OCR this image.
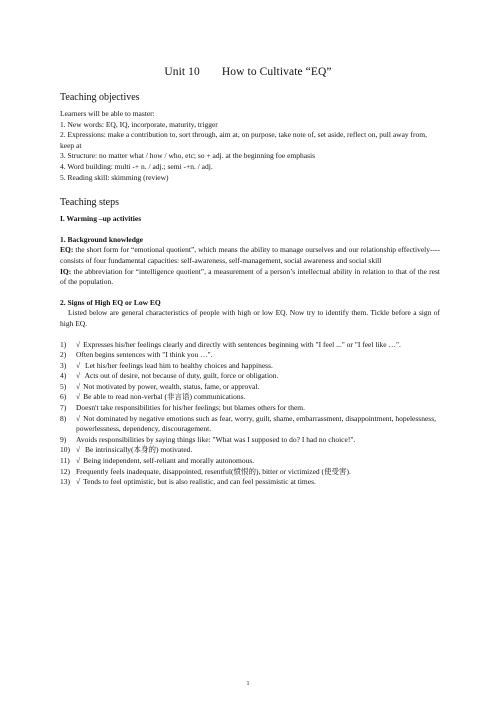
Unit 10 How to Cultivate “EQ”

Teaching objectives

Learners will be able to master:

1. New words: EQ, IQ, incorporate, maturity, trigger

2. Expressions: make a contribution to, sort through, aim at, on purpose, take note of, set aside, reflect on, pull away from, keep at

3. Structure: no matter what / how / who, etc; so + adj. at the beginning foe emphasis

4. Word building: multi -+ n. / adj.; semi -+n. / adj.

5. Reading skill: skimming (review)

Teaching steps

I. Warming –up activities

1. Background knowledge

EQ: the short form for “emotional quotient”, which means the ability to manage ourselves and our relationship effectively----consists of four fundamental capacities: self-awareness, self-management, social awareness and social skill

IQ: the abbreviation for “intelligence quotient”, a measurement of a person’s intellectual ability in relation to that of the rest of the population.

2. Signs of High EQ or Low EQ

Listed below are general characteristics of people with high or low EQ. Now try to identify them. Tickle before a sign of high EQ.

1)	√ Expresses his/her feelings clearly and directly with sentences beginning with "I feel ..." or "I feel like …".
2)	Often begins sentences with "I think you …".
3)	√ Let his/her feelings lead him to healthy choices and happiness.
4)	√ Acts out of desire, not because of duty, guilt, force or obligation.
5)	√ Not motivated by power, wealth, status, fame, or approval.
6)	√ Be able to read non-verbal (非言语) communications.
7)	Doesn't take responsibilities for his/her feelings; but blames others for them.
8)	√ Not dominated by negative emotions such as fear, worry, guilt, shame, embarrassment, disappointment, hopelessness, powerlessness, dependency, discouragement.
9)	Avoids responsibilities by saying things like: "What was I supposed to do? I had no choice!".
10) √ Be intrinsically(本身的) motivated.
11) √ Being independent, self-reliant and morally autonomous.
12) Frequently feels inadequate, disappointed, resentful(愤恨的), bitter or victimized (使受害).
13) √ Tends to feel optimistic, but is also realistic, and can feel pessimistic at times.
1
